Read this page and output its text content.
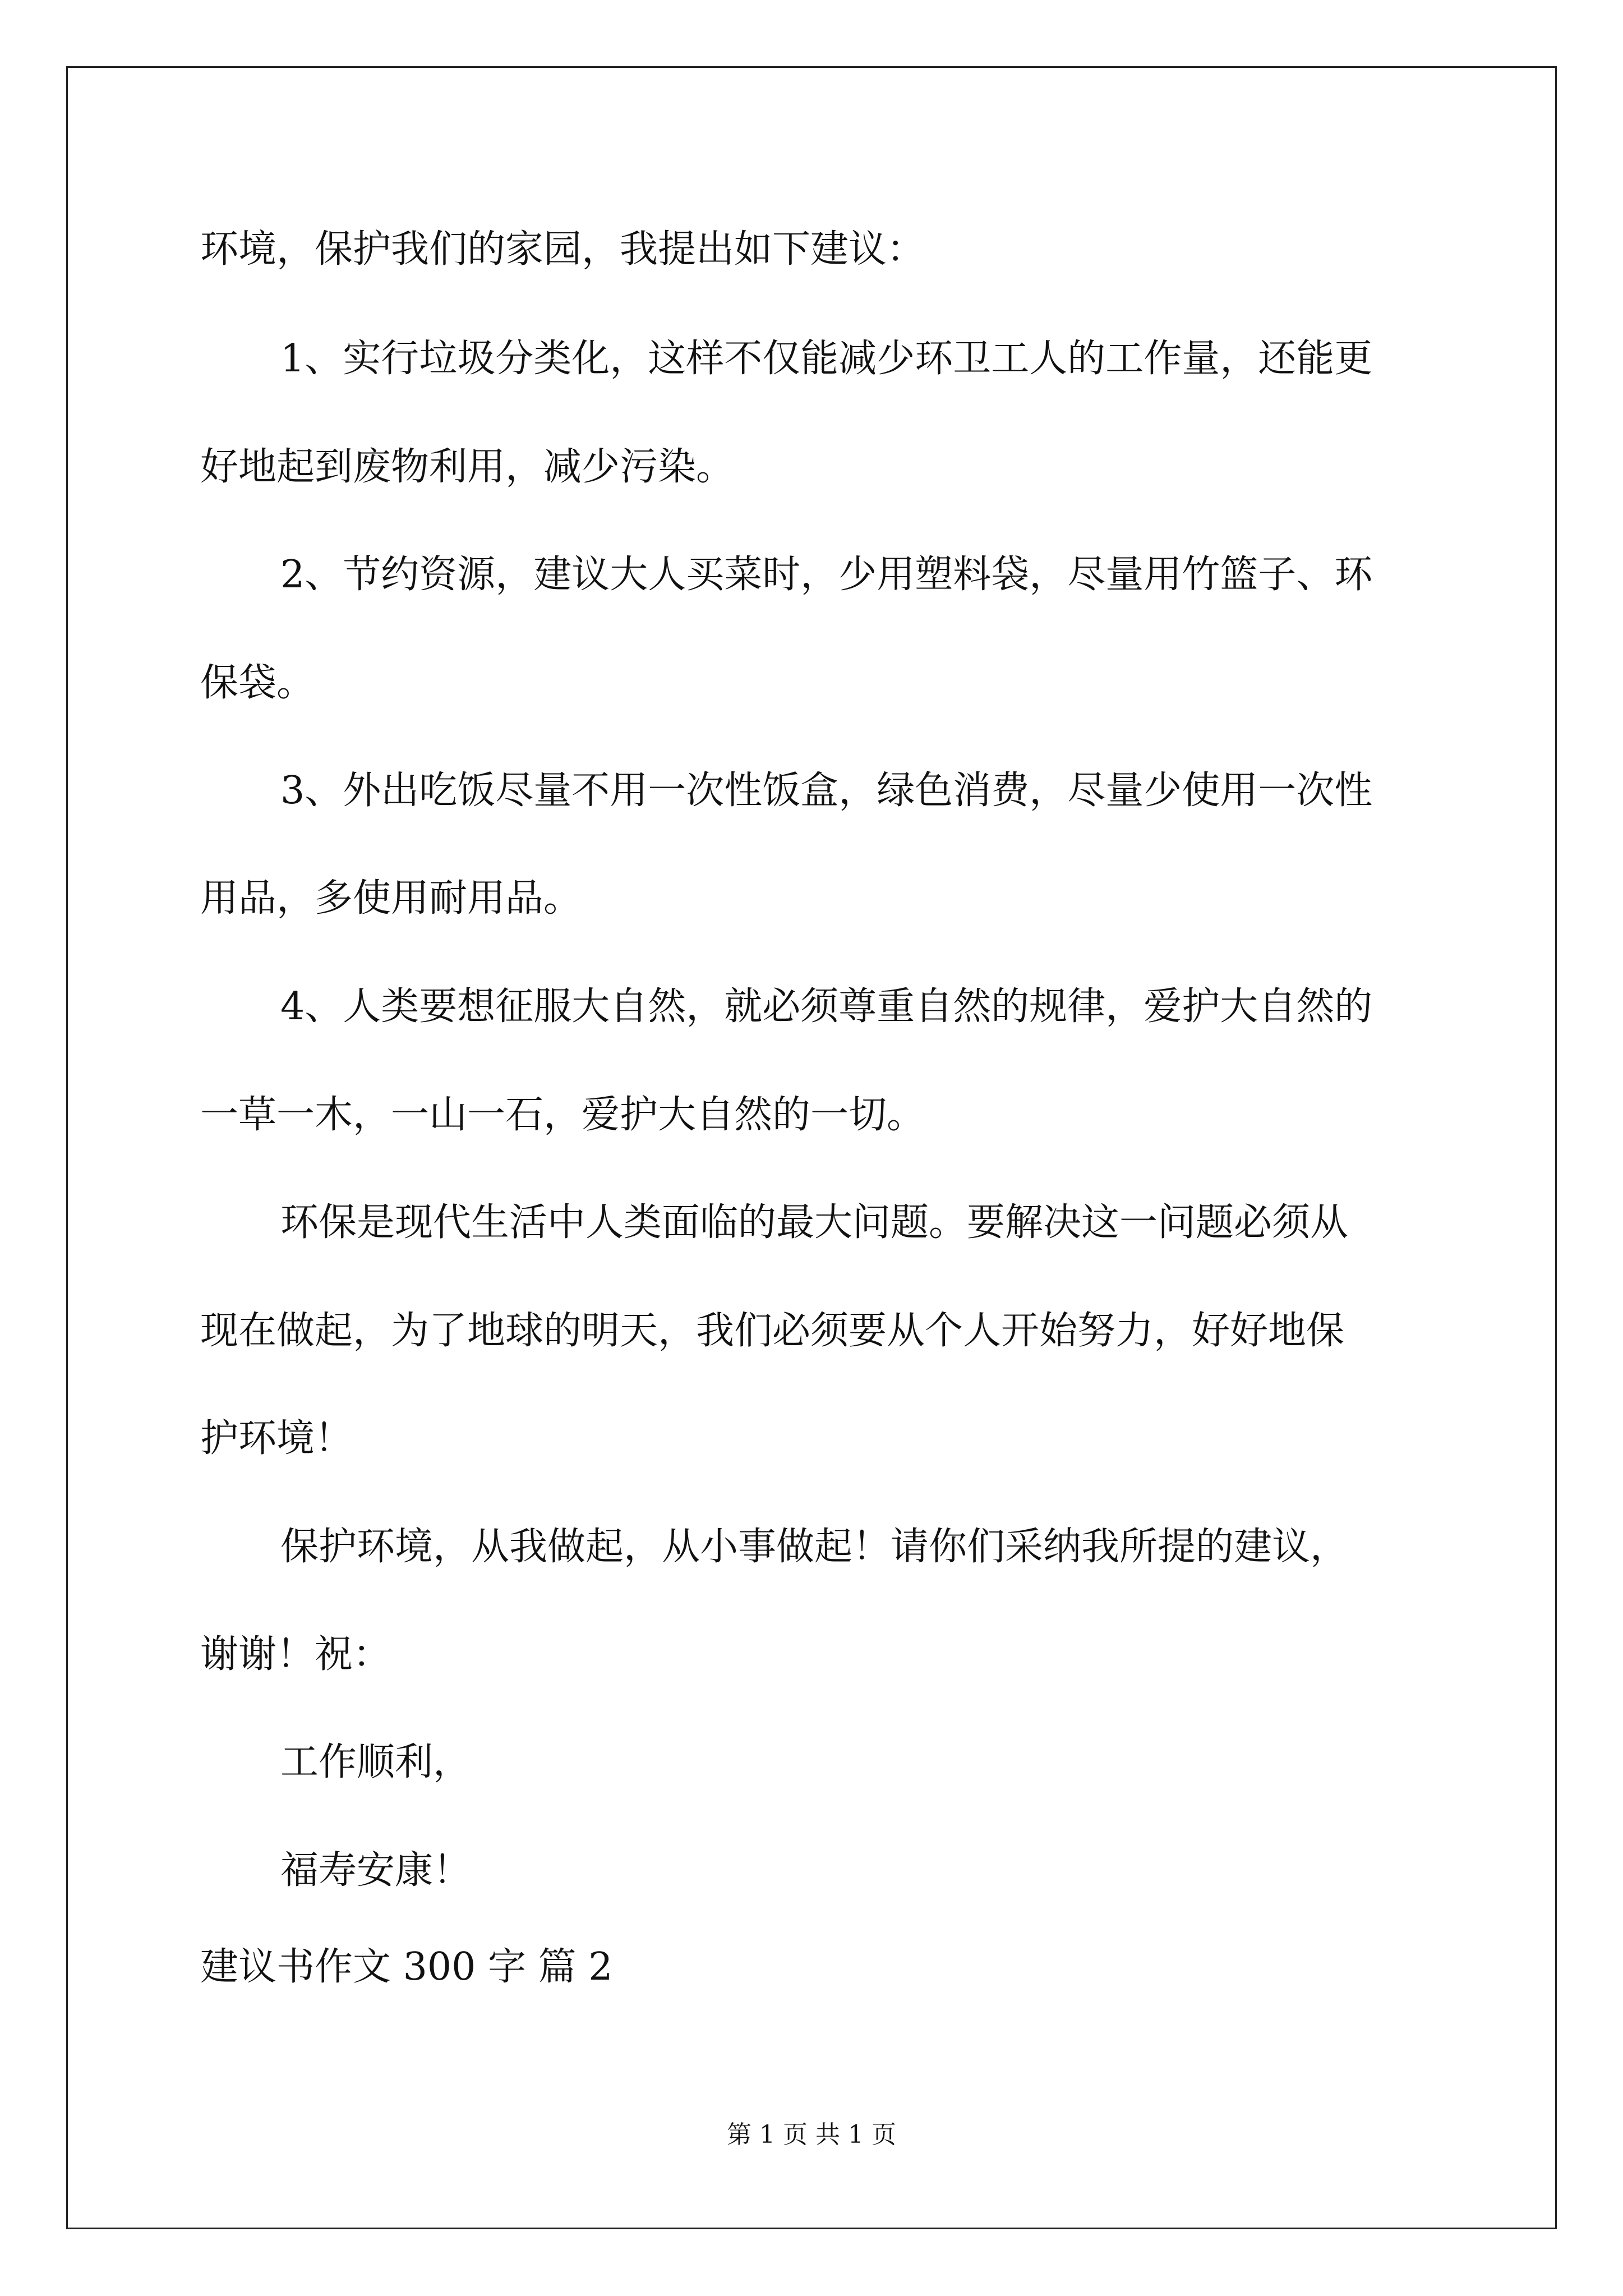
环境，保护我们的家园，我提出如下建议：
1、实行垃圾分类化，这样不仅能减少环卫工人的工作量，还能更
好地起到废物利用，减少污染。
2、节约资源，建议大人买菜时，少用塑料袋，尽量用竹篮子、环
保袋。
3、外出吃饭尽量不用一次性饭盒，绿色消费，尽量少使用一次性
用品，多使用耐用品。
4、人类要想征服大自然，就必须尊重自然的规律，爱护大自然的
一草一木，一山一石，爱护大自然的一切。
环保是现代生活中人类面临的最大问题。要解决这一问题必须从
现在做起，为了地球的明天，我们必须要从个人开始努力，好好地保
护环境！
保护环境，从我做起，从小事做起！请你们采纳我所提的建议，
谢谢！祝：
工作顺利，
福寿安康！
建议书作文 300 字 篇 2
第 1 页 共 1 页
